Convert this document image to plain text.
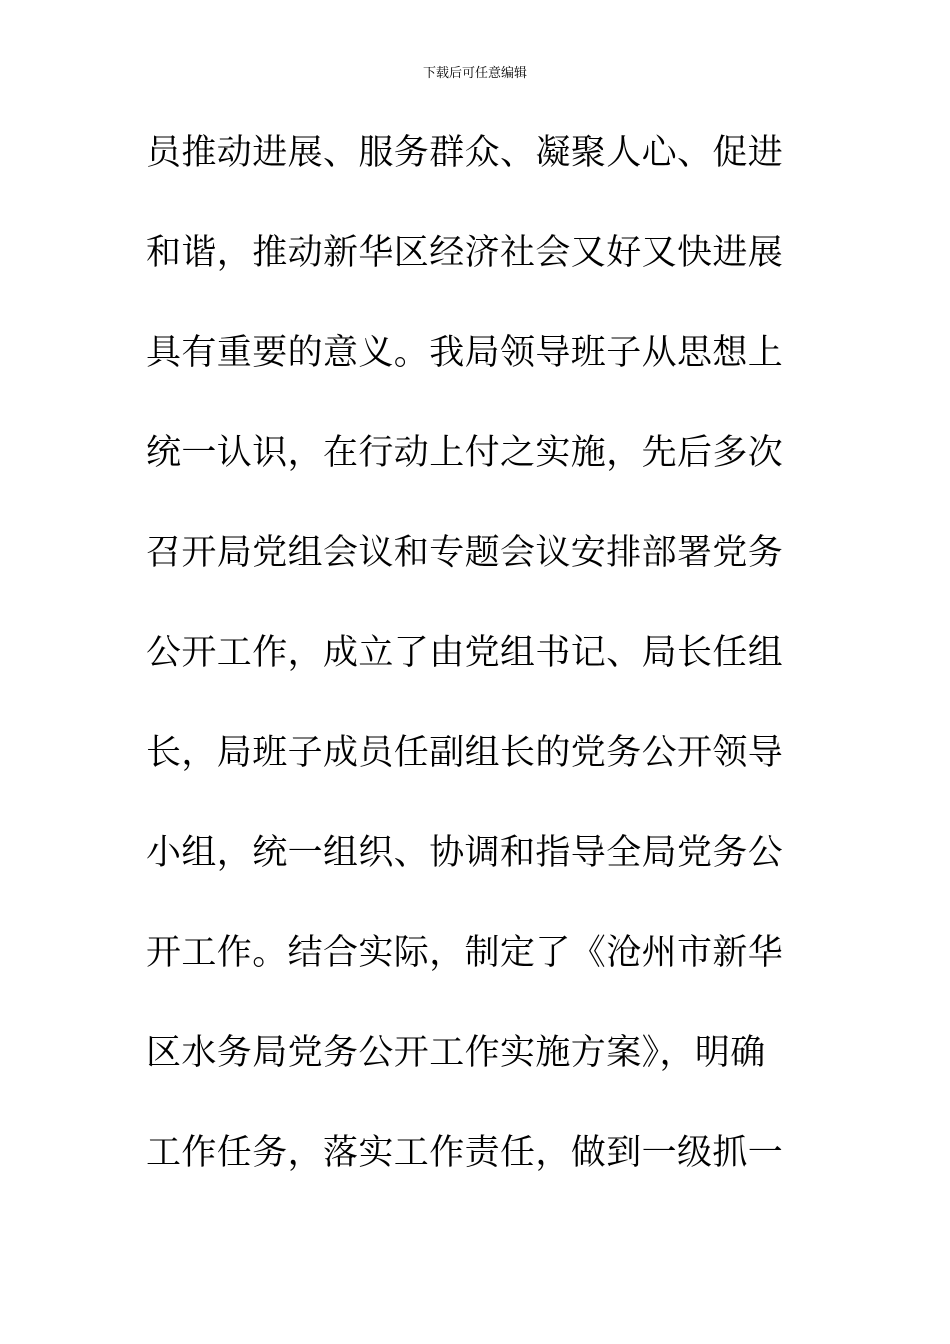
下载后可任意编辑
员推动进展、服务群众、凝聚人心、促进
和谐，推动新华区经济社会又好又快进展
具有重要的意义。我局领导班子从思想上
统一认识，在行动上付之实施，先后多次
召开局党组会议和专题会议安排部署党务
公开工作，成立了由党组书记、局长任组
长，局班子成员任副组长的党务公开领导
小组，统一组织、协调和指导全局党务公
开工作。结合实际，制定了《沧州市新华
区水务局党务公开工作实施方案》，明确
工作任务，落实工作责任，做到一级抓一
